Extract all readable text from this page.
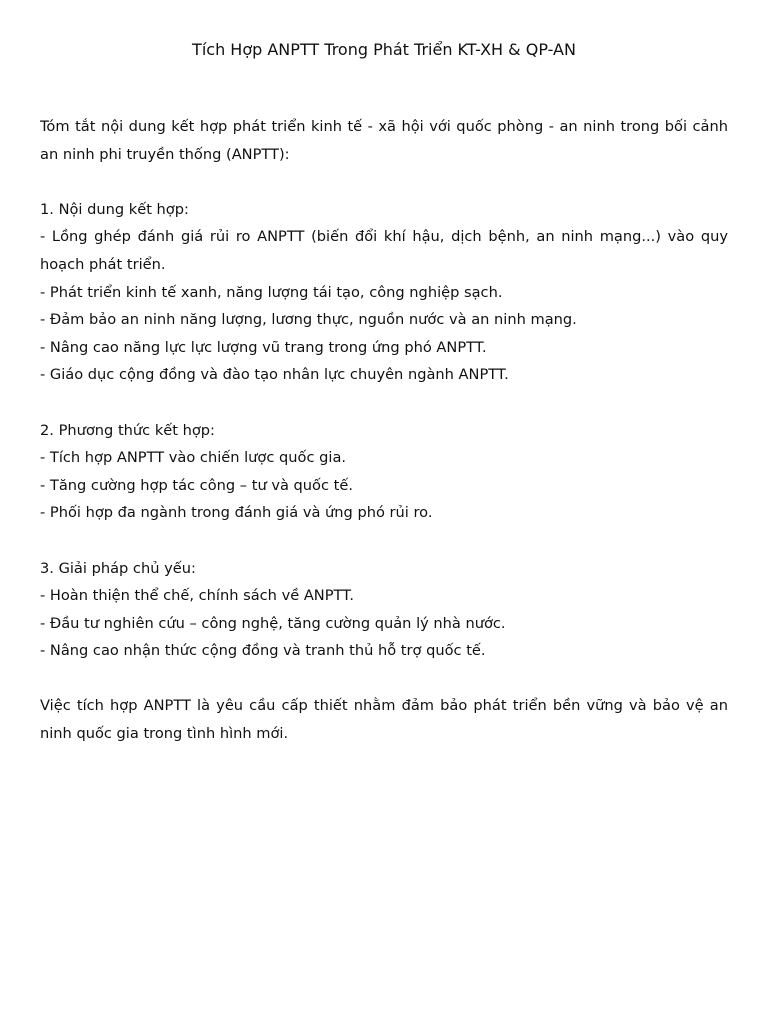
Tích Hợp ANPTT Trong Phát Triển KT-XH & QP-AN

Tóm tắt nội dung kết hợp phát triển kinh tế - xã hội với quốc phòng - an ninh trong bối cảnh an ninh phi truyền thống (ANPTT):

1. Nội dung kết hợp:

- Lồng ghép đánh giá rủi ro ANPTT (biến đổi khí hậu, dịch bệnh, an ninh mạng...) vào quy hoạch phát triển.

- Phát triển kinh tế xanh, năng lượng tái tạo, công nghiệp sạch.

- Đảm bảo an ninh năng lượng, lương thực, nguồn nước và an ninh mạng.

- Nâng cao năng lực lực lượng vũ trang trong ứng phó ANPTT.

- Giáo dục cộng đồng và đào tạo nhân lực chuyên ngành ANPTT.

2. Phương thức kết hợp:

- Tích hợp ANPTT vào chiến lược quốc gia.

- Tăng cường hợp tác công – tư và quốc tế.

- Phối hợp đa ngành trong đánh giá và ứng phó rủi ro.

3. Giải pháp chủ yếu:

- Hoàn thiện thể chế, chính sách về ANPTT.

- Đầu tư nghiên cứu – công nghệ, tăng cường quản lý nhà nước.

- Nâng cao nhận thức cộng đồng và tranh thủ hỗ trợ quốc tế.

Việc tích hợp ANPTT là yêu cầu cấp thiết nhằm đảm bảo phát triển bền vững và bảo vệ an ninh quốc gia trong tình hình mới.
